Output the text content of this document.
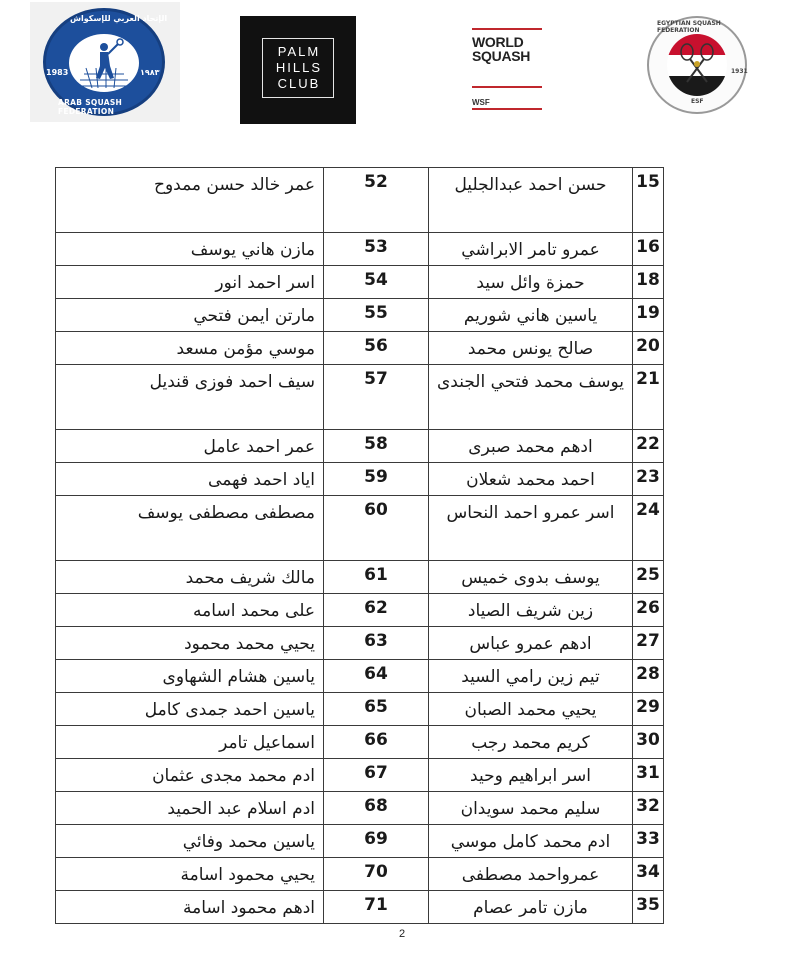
الإتحاد العربي للإسكواش
1983	١٩٨٣
ARAB SQUASH FEDERATION
PALM
HILLS
CLUB
WORLD
SQUASH
WSF
EGYPTIAN SQUASH FEDERATION
1931
ESF
عمر خالد حسن ممدوح	52	حسن احمد عبدالجليل	15
مازن هاني يوسف	53	عمرو تامر الابراشي	16
اسر احمد انور	54	حمزة وائل سيد	18
مارتن ايمن فتحي	55	ياسين هاني شوريم	19
موسي مؤمن مسعد	56	صالح يونس محمد	20
سيف احمد فوزى قنديل	57	يوسف محمد فتحي الجندى	21
عمر احمد عامل	58	ادهم محمد صبرى	22
اياد احمد فهمى	59	احمد محمد شعلان	23
مصطفى مصطفى يوسف	60	اسر عمرو احمد النحاس	24
مالك شريف محمد	61	يوسف بدوى خميس	25
على محمد اسامه	62	زين شريف الصياد	26
يحيي محمد محمود	63	ادهم عمرو عباس	27
ياسين هشام الشهاوى	64	تيم زين رامي السيد	28
ياسين احمد جمدى كامل	65	يحيي محمد الصبان	29
اسماعيل تامر	66	كريم محمد رجب	30
ادم محمد مجدى عثمان	67	اسر ابراهيم وحيد	31
ادم اسلام عبد الحميد	68	سليم محمد سويدان	32
ياسين محمد وفائي	69	ادم محمد كامل موسي	33
يحيي محمود اسامة	70	عمرواحمد مصطفى	34
ادهم محمود اسامة	71	مازن تامر عصام	35
2
